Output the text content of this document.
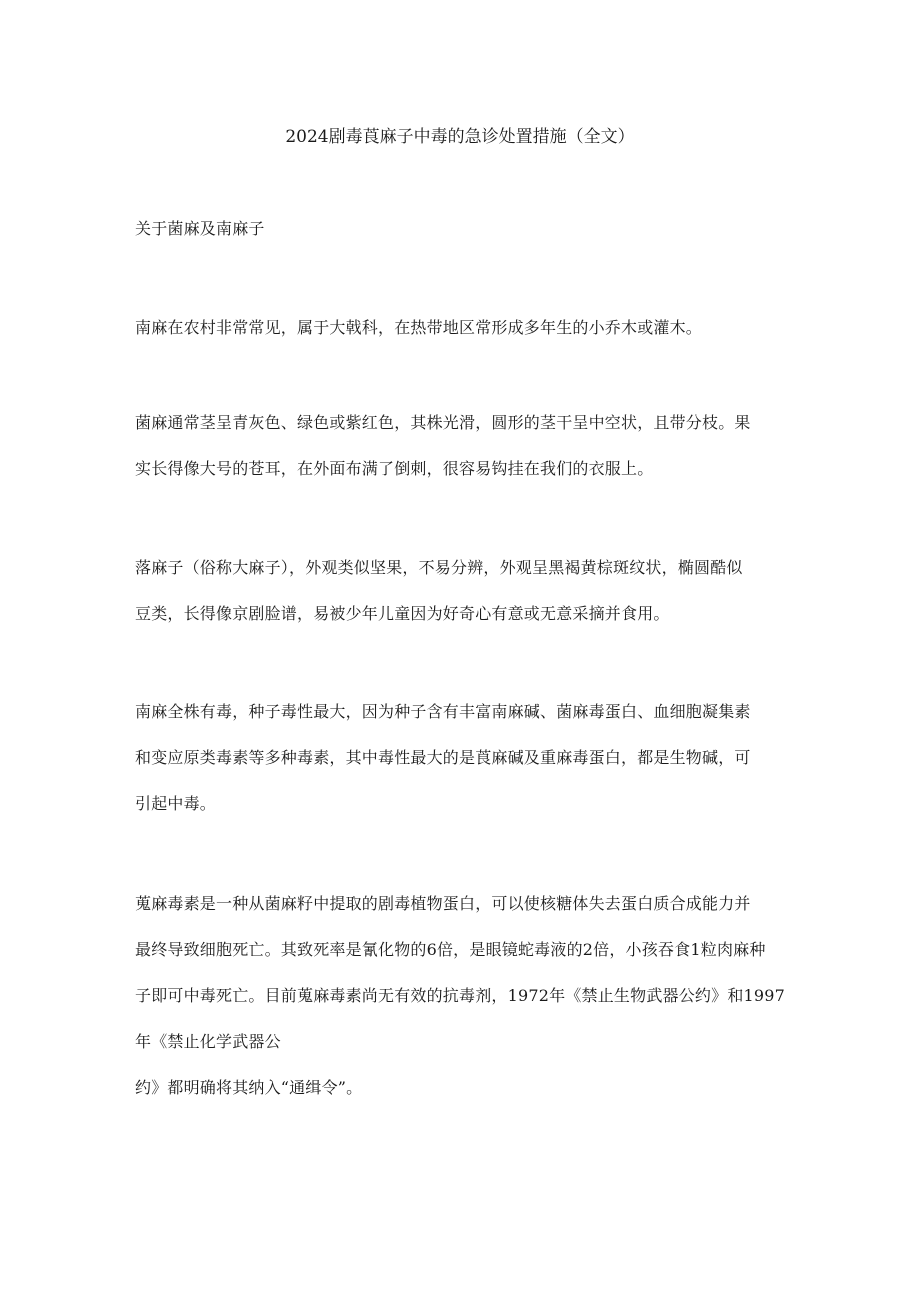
2024剧毒莨麻子中毒的急诊处置措施（全文）
关于菌麻及南麻子
南麻在农村非常常见，属于大戟科，在热带地区常形成多年生的小乔木或灌木。
菌麻通常茎呈青灰色、绿色或紫红色，其株光滑，圆形的茎干呈中空状，且带分枝。果
实长得像大号的苍耳，在外面布满了倒刺，很容易钩挂在我们的衣服上。
落麻子（俗称大麻子），外观类似坚果，不易分辨，外观呈黑褐黄棕斑纹状，椭圆酷似
豆类，长得像京剧脸谱，易被少年儿童因为好奇心有意或无意采摘并食用。
南麻全株有毒，种子毒性最大，因为种子含有丰富南麻碱、菌麻毒蛋白、血细胞凝集素
和变应原类毒素等多种毒素，其中毒性最大的是莨麻碱及重麻毒蛋白，都是生物碱，可
引起中毒。
蒐麻毒素是一种从菌麻籽中提取的剧毒植物蛋白，可以使核糖体失去蛋白质合成能力并
最终导致细胞死亡。其致死率是氰化物的6倍，是眼镜蛇毒液的2倍，小孩吞食1粒肉麻种
子即可中毒死亡。目前蒐麻毒素尚无有效的抗毒剂，1972年《禁止生物武器公约》和1997
年《禁止化学武器公
约》都明确将其纳入“通缉令”。
